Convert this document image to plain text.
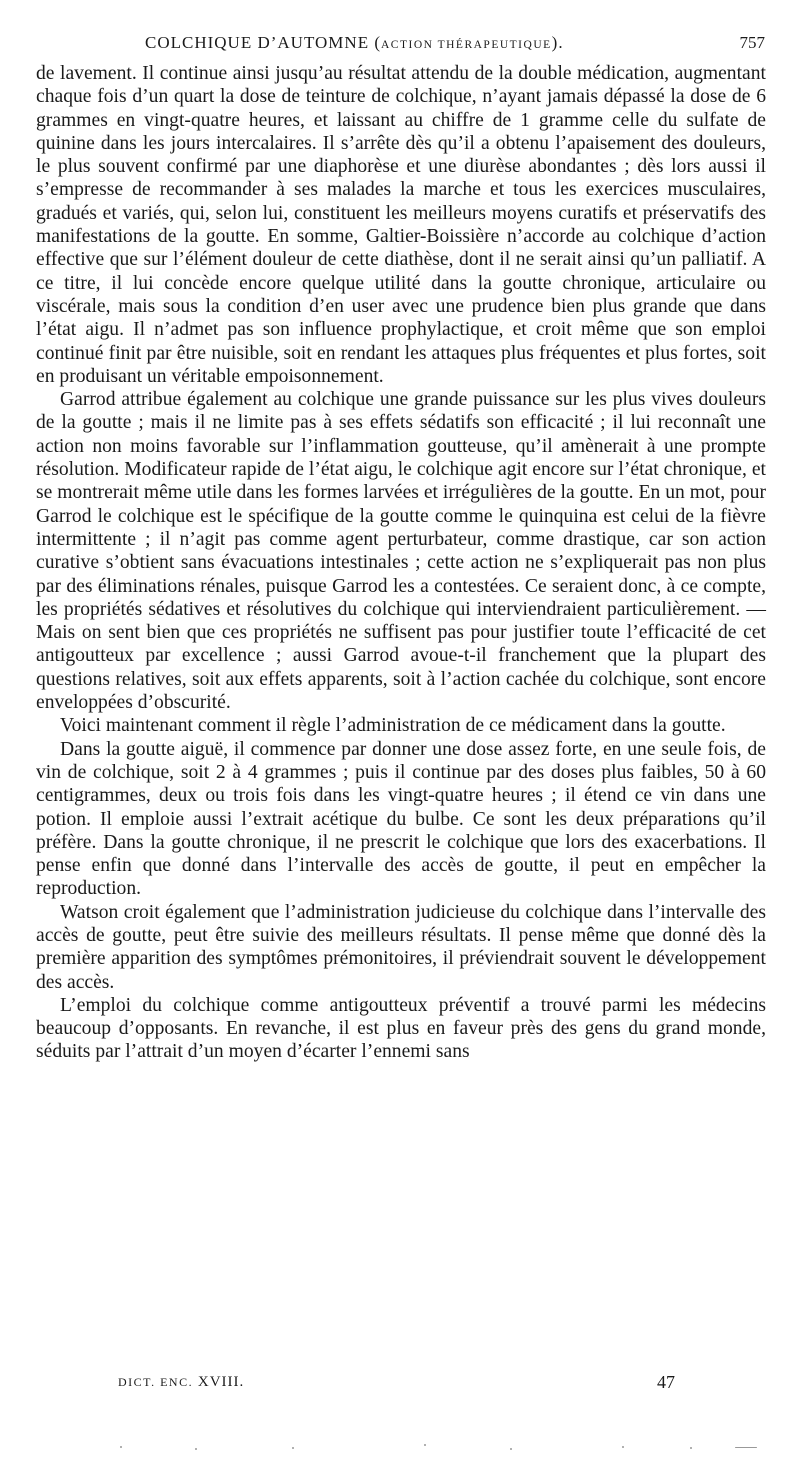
COLCHIQUE D’AUTOMNE (ACTION THÉRAPEUTIQUE).	757

de lavement. Il continue ainsi jusqu’au résultat attendu de la double médication, augmentant chaque fois d’un quart la dose de teinture de colchique, n’ayant jamais dépassé la dose de 6 grammes en vingt-quatre heures, et laissant au chiffre de 1 gramme celle du sulfate de quinine dans les jours intercalaires. Il s’arrête dès qu’il a obtenu l’apaisement des douleurs, le plus souvent confirmé par une diaphorèse et une diurèse abondantes ; dès lors aussi il s’empresse de recommander à ses malades la marche et tous les exercices musculaires, gradués et variés, qui, selon lui, constituent les meilleurs moyens curatifs et préservatifs des manifestations de la goutte. En somme, Galtier-Boissière n’accorde au colchique d’action effective que sur l’élément douleur de cette diathèse, dont il ne serait ainsi qu’un palliatif. A ce titre, il lui concède encore quelque utilité dans la goutte chronique, articulaire ou viscérale, mais sous la condition d’en user avec une prudence bien plus grande que dans l’état aigu. Il n’admet pas son influence prophylactique, et croit même que son emploi continué finit par être nuisible, soit en rendant les attaques plus fréquentes et plus fortes, soit en produisant un véritable empoisonnement.

Garrod attribue également au colchique une grande puissance sur les plus vives douleurs de la goutte ; mais il ne limite pas à ses effets sédatifs son efficacité ; il lui reconnaît une action non moins favorable sur l’inflammation goutteuse, qu’il amènerait à une prompte résolution. Modificateur rapide de l’état aigu, le colchique agit encore sur l’état chronique, et se montrerait même utile dans les formes larvées et irrégulières de la goutte. En un mot, pour Garrod le colchique est le spécifique de la goutte comme le quinquina est celui de la fièvre intermittente ; il n’agit pas comme agent perturbateur, comme drastique, car son action curative s’obtient sans évacuations intestinales ; cette action ne s’expliquerait pas non plus par des éliminations rénales, puisque Garrod les a contestées. Ce seraient donc, à ce compte, les propriétés sédatives et résolutives du colchique qui interviendraient particulièrement. — Mais on sent bien que ces propriétés ne suffisent pas pour justifier toute l’efficacité de cet antigoutteux par excellence ; aussi Garrod avoue-t-il franchement que la plupart des questions relatives, soit aux effets apparents, soit à l’action cachée du colchique, sont encore enveloppées d’obscurité.

Voici maintenant comment il règle l’administration de ce médicament dans la goutte.

Dans la goutte aiguë, il commence par donner une dose assez forte, en une seule fois, de vin de colchique, soit 2 à 4 grammes ; puis il continue par des doses plus faibles, 50 à 60 centigrammes, deux ou trois fois dans les vingt-quatre heures ; il étend ce vin dans une potion. Il emploie aussi l’extrait acétique du bulbe. Ce sont les deux préparations qu’il préfère. Dans la goutte chronique, il ne prescrit le colchique que lors des exacerbations. Il pense enfin que donné dans l’intervalle des accès de goutte, il peut en empêcher la reproduction.

Watson croit également que l’administration judicieuse du colchique dans l’intervalle des accès de goutte, peut être suivie des meilleurs résultats. Il pense même que donné dès la première apparition des symptômes prémonitoires, il préviendrait souvent le développement des accès.

L’emploi du colchique comme antigoutteux préventif a trouvé parmi les médecins beaucoup d’opposants. En revanche, il est plus en faveur près des gens du grand monde, séduits par l’attrait d’un moyen d’écarter l’ennemi sans

DICT. ENC. XVIII.	47
